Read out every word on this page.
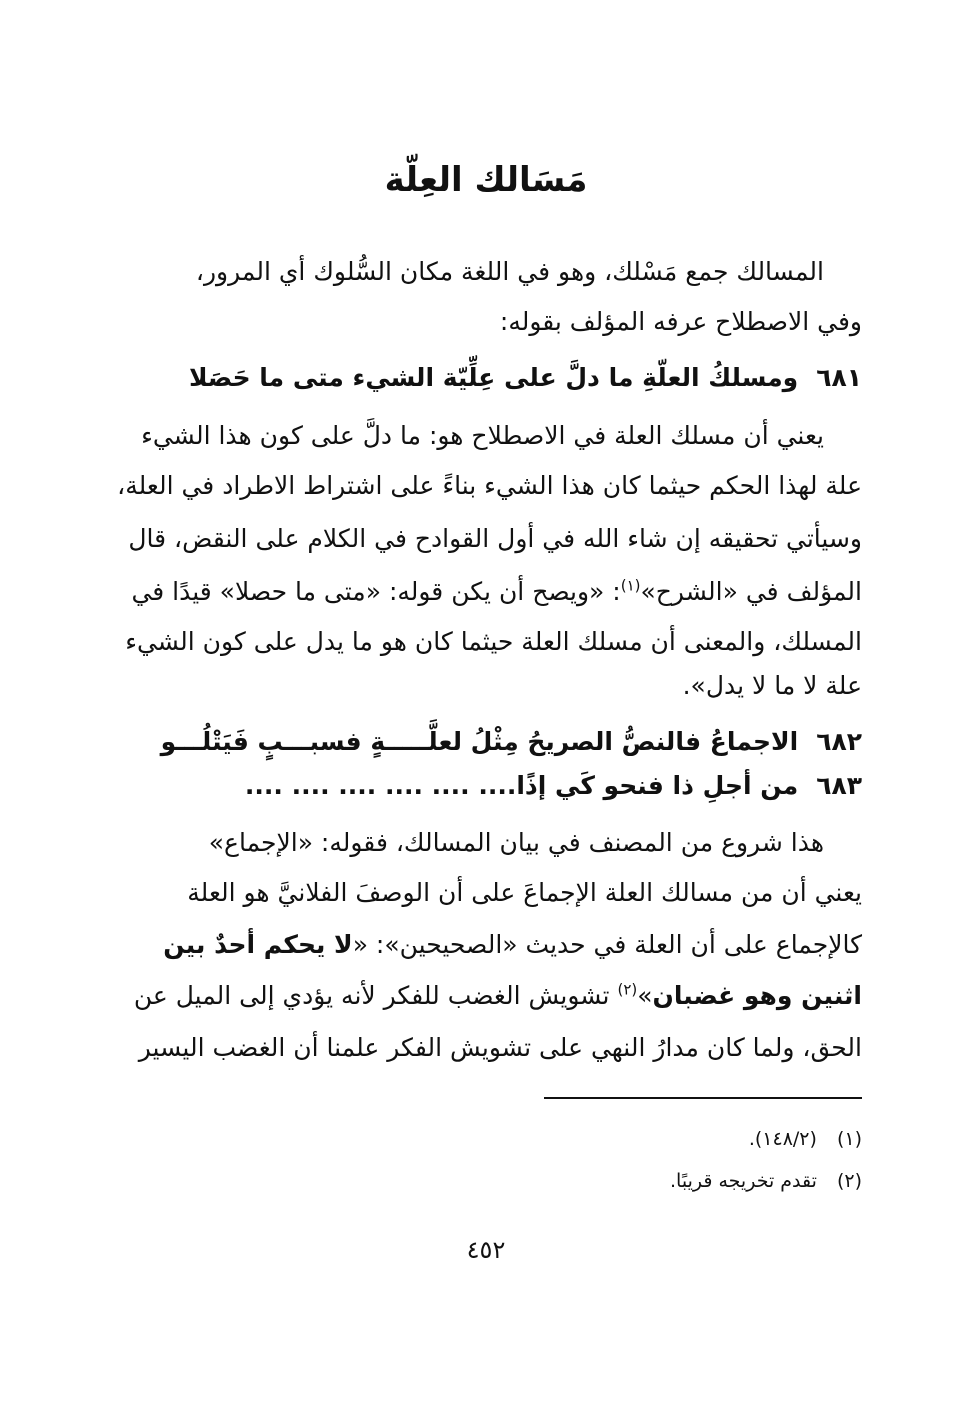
مَسَالك العِلّة
المسالك جمع مَسْلك، وهو في اللغة مكان السُّلوك أي المرور،
وفي الاصطلاح عرفه المؤلف بقوله:
٦٨١ومسلكُ العلّةِ ما دلَّ على عِلِّيّة الشيء متى ما حَصَلا
يعني أن مسلك العلة في الاصطلاح هو: ما دلَّ على كون هذا الشيء
علة لهذا الحكم حيثما كان هذا الشيء بناءً على اشتراط الاطراد في العلة،
وسيأتي تحقيقه إن شاء الله في أول القوادح في الكلام على النقض، قال
المؤلف في «الشرح»$^{(١)}$: «ويصح أن يكن قوله: «متى ما حصلا» قيدًا في
المسلك، والمعنى أن مسلك العلة حيثما كان هو ما يدل على كون الشيء
علة لا ما لا يدل».
٦٨٢الاجماعُ فالنصُّ الصريحُ مِثْلُ لعلَّـــــةٍ فسبـــبٍ فَيَتْلُـــو
٦٨٣من أجلِ ذا فنحو كَي إذًا.... .... .... .... .... ....
هذا شروع من المصنف في بيان المسالك، فقوله: «الإجماع»
يعني أن من مسالك العلة الإجماعَ على أن الوصفَ الفلانيَّ هو العلة
كالإجماع على أن العلة في حديث «الصحيحين»: «لا يحكم أحدٌ بين
اثنين وهو غضبان»$^{(٢)}$ تشويش الغضب للفكر لأنه يؤدي إلى الميل عن
الحق، ولما كان مدارُ النهي على تشويش الفكر علمنا أن الغضب اليسير
(١)(١٤٨/٢).
(٢)تقدم تخريجه قريبًا.
٤٥٢
